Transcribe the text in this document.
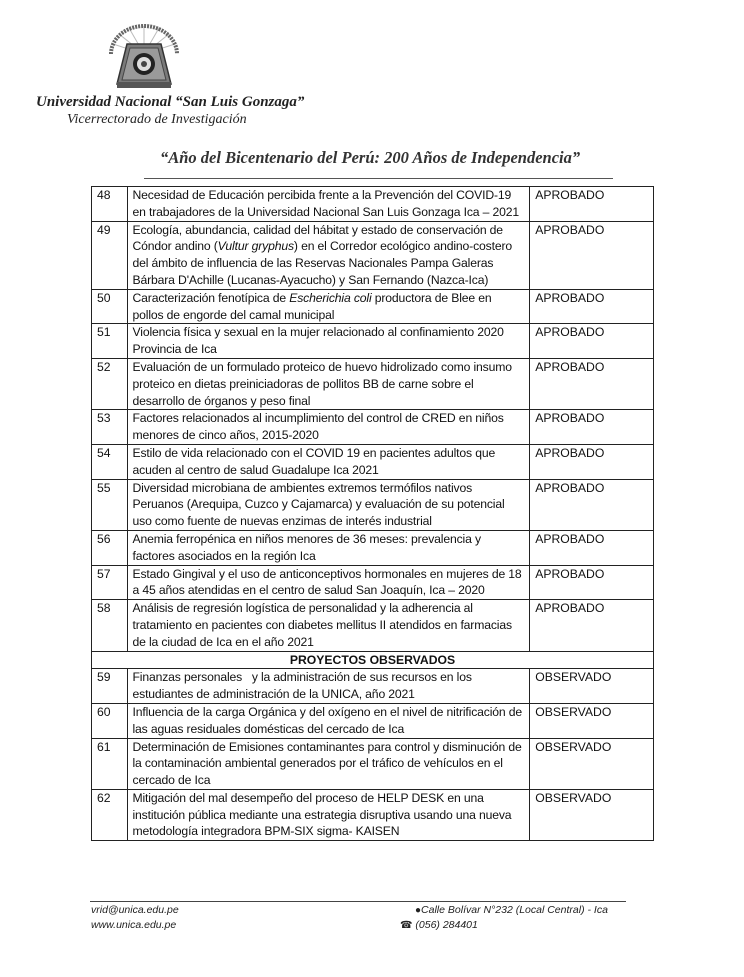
Universidad Nacional “San Luis Gonzaga”
Vicerrectorado de Investigación
“Año del Bicentenario del Perú: 200 Años de Independencia”
48	Necesidad de Educación percibida frente a la Prevención del COVID-19 en trabajadores de la Universidad Nacional San Luis Gonzaga Ica – 2021	APROBADO
49	Ecología, abundancia, calidad del hábitat y estado de conservación de Cóndor andino (Vultur gryphus) en el Corredor ecológico andino-costero del ámbito de influencia de las Reservas Nacionales Pampa Galeras Bárbara D'Achille (Lucanas-Ayacucho) y San Fernando (Nazca-Ica)	APROBADO
50	Caracterización fenotípica de Escherichia coli productora de Blee en pollos de engorde del camal municipal	APROBADO
51	Violencia física y sexual en la mujer relacionado al confinamiento 2020 Provincia de Ica	APROBADO
52	Evaluación de un formulado proteico de huevo hidrolizado como insumo proteico en dietas preiniciadoras de pollitos BB de carne sobre el desarrollo de órganos y peso final	APROBADO
53	Factores relacionados al incumplimiento del control de CRED en niños menores de cinco años, 2015-2020	APROBADO
54	Estilo de vida relacionado con el COVID 19 en pacientes adultos que acuden al centro de salud Guadalupe Ica 2021	APROBADO
55	Diversidad microbiana de ambientes extremos termófilos nativos Peruanos (Arequipa, Cuzco y Cajamarca) y evaluación de su potencial uso como fuente de nuevas enzimas de interés industrial	APROBADO
56	Anemia ferropénica en niños menores de 36 meses: prevalencia y factores asociados en la región Ica	APROBADO
57	Estado Gingival y el uso de anticonceptivos hormonales en mujeres de 18 a 45 años atendidas en el centro de salud San Joaquín, Ica – 2020	APROBADO
58	Análisis de regresión logística de personalidad y la adherencia al tratamiento en pacientes con diabetes mellitus II atendidos en farmacias de la ciudad de Ica en el año 2021	APROBADO
PROYECTOS OBSERVADOS		
59	Finanzas personales   y la administración de sus recursos en los estudiantes de administración de la UNICA, año 2021	OBSERVADO
60	Influencia de la carga Orgánica y del oxígeno en el nivel de nitrificación de las aguas residuales domésticas del cercado de Ica	OBSERVADO
61	Determinación de Emisiones contaminantes para control y disminución de la contaminación ambiental generados por el tráfico de vehículos en el cercado de Ica	OBSERVADO
62	Mitigación del mal desempeño del proceso de HELP DESK en una institución pública mediante una estrategia disruptiva usando una nueva metodología integradora BPM-SIX sigma- KAISEN	OBSERVADO
vrid@unica.edu.pe
www.unica.edu.pe
●Calle Bolívar N°232 (Local Central) - Ica
☎ (056) 284401
